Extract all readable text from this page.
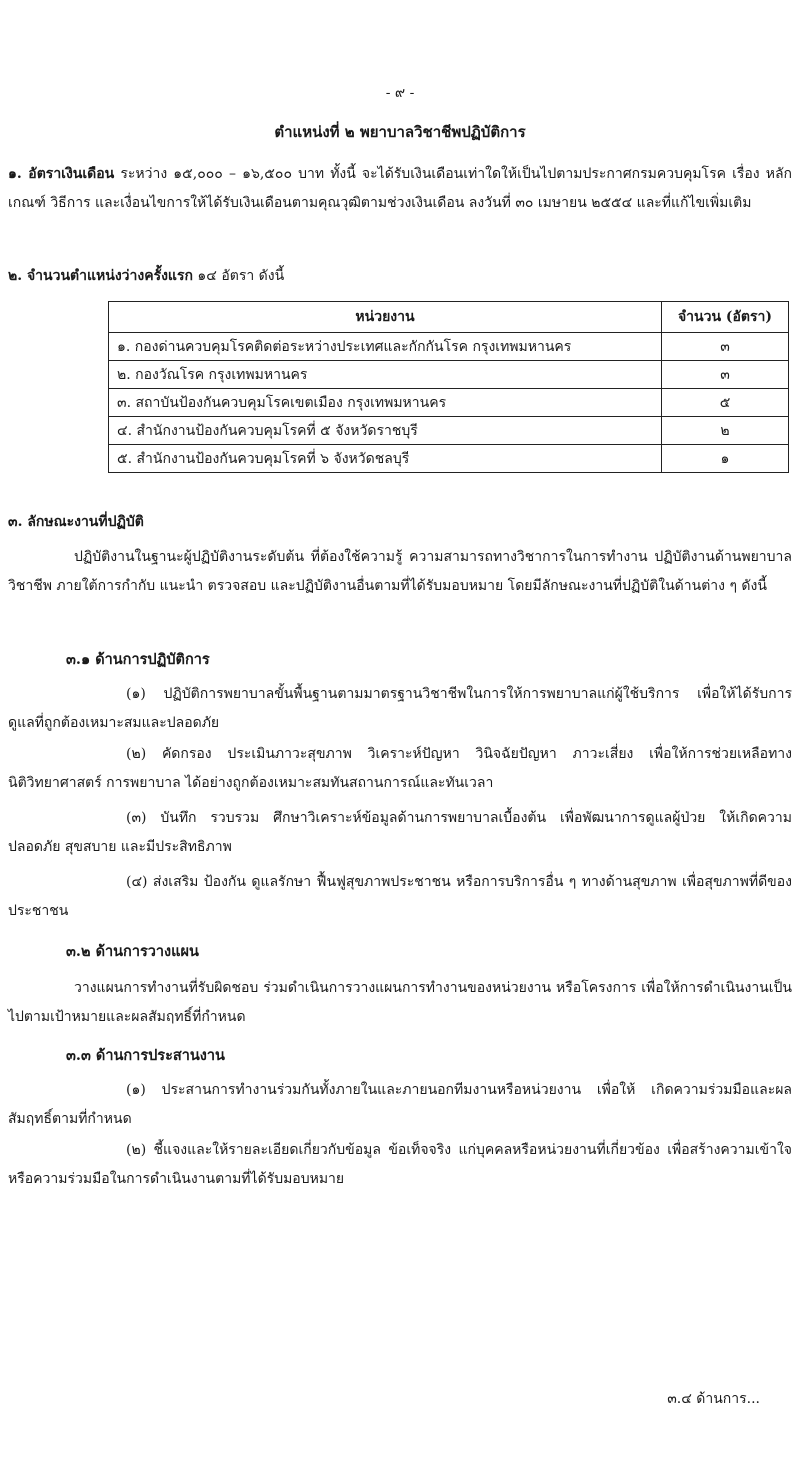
- ๙ -
ตำแหน่งที่ ๒ พยาบาลวิชาชีพปฏิบัติการ
๑. อัตราเงินเดือน ระหว่าง ๑๕,๐๐๐ – ๑๖,๕๐๐ บาท ทั้งนี้ จะได้รับเงินเดือนเท่าใดให้เป็นไปตามประกาศกรมควบคุมโรค เรื่อง หลักเกณฑ์ วิธีการ และเงื่อนไขการให้ได้รับเงินเดือนตามคุณวุฒิตามช่วงเงินเดือน ลงวันที่ ๓๐ เมษายน ๒๕๕๔ และที่แก้ไขเพิ่มเติม
๒. จำนวนตำแหน่งว่างครั้งแรก ๑๔ อัตรา ดังนี้
หน่วยงาน	จำนวน (อัตรา)
๑. กองด่านควบคุมโรคติดต่อระหว่างประเทศและกักกันโรค กรุงเทพมหานคร	๓
๒. กองวัณโรค กรุงเทพมหานคร	๓
๓. สถาบันป้องกันควบคุมโรคเขตเมือง กรุงเทพมหานคร	๕
๔. สำนักงานป้องกันควบคุมโรคที่ ๕ จังหวัดราชบุรี	๒
๕. สำนักงานป้องกันควบคุมโรคที่ ๖ จังหวัดชลบุรี	๑
๓. ลักษณะงานที่ปฏิบัติ
ปฏิบัติงานในฐานะผู้ปฏิบัติงานระดับต้น ที่ต้องใช้ความรู้ ความสามารถทางวิชาการในการทำงาน ปฏิบัติงานด้านพยาบาลวิชาชีพ ภายใต้การกำกับ แนะนำ ตรวจสอบ และปฏิบัติงานอื่นตามที่ได้รับมอบหมาย โดยมีลักษณะงานที่ปฏิบัติในด้านต่าง ๆ ดังนี้
๓.๑ ด้านการปฏิบัติการ
(๑) ปฏิบัติการพยาบาลขั้นพื้นฐานตามมาตรฐานวิชาชีพในการให้การพยาบาลแก่ผู้ใช้บริการ เพื่อให้ได้รับการดูแลที่ถูกต้องเหมาะสมและปลอดภัย
(๒) คัดกรอง ประเมินภาวะสุขภาพ วิเคราะห์ปัญหา วินิจฉัยปัญหา ภาวะเสี่ยง เพื่อให้การช่วยเหลือทางนิติวิทยาศาสตร์ การพยาบาล ได้อย่างถูกต้องเหมาะสมทันสถานการณ์และทันเวลา
(๓) บันทึก รวบรวม ศึกษาวิเคราะห์ข้อมูลด้านการพยาบาลเบื้องต้น เพื่อพัฒนาการดูแลผู้ป่วย ให้เกิดความปลอดภัย สุขสบาย และมีประสิทธิภาพ
(๔) ส่งเสริม ป้องกัน ดูแลรักษา ฟื้นฟูสุขภาพประชาชน หรือการบริการอื่น ๆ ทางด้านสุขภาพ เพื่อสุขภาพที่ดีของประชาชน
๓.๒ ด้านการวางแผน
วางแผนการทำงานที่รับผิดชอบ ร่วมดำเนินการวางแผนการทำงานของหน่วยงาน หรือโครงการ เพื่อให้การดำเนินงานเป็นไปตามเป้าหมายและผลสัมฤทธิ์ที่กำหนด
๓.๓ ด้านการประสานงาน
(๑) ประสานการทำงานร่วมกันทั้งภายในและภายนอกทีมงานหรือหน่วยงาน เพื่อให้ เกิดความร่วมมือและผลสัมฤทธิ์ตามที่กำหนด
(๒) ชี้แจงและให้รายละเอียดเกี่ยวกับข้อมูล ข้อเท็จจริง แก่บุคคลหรือหน่วยงานที่เกี่ยวข้อง เพื่อสร้างความเข้าใจหรือความร่วมมือในการดำเนินงานตามที่ได้รับมอบหมาย
๓.๔ ด้านการ...
